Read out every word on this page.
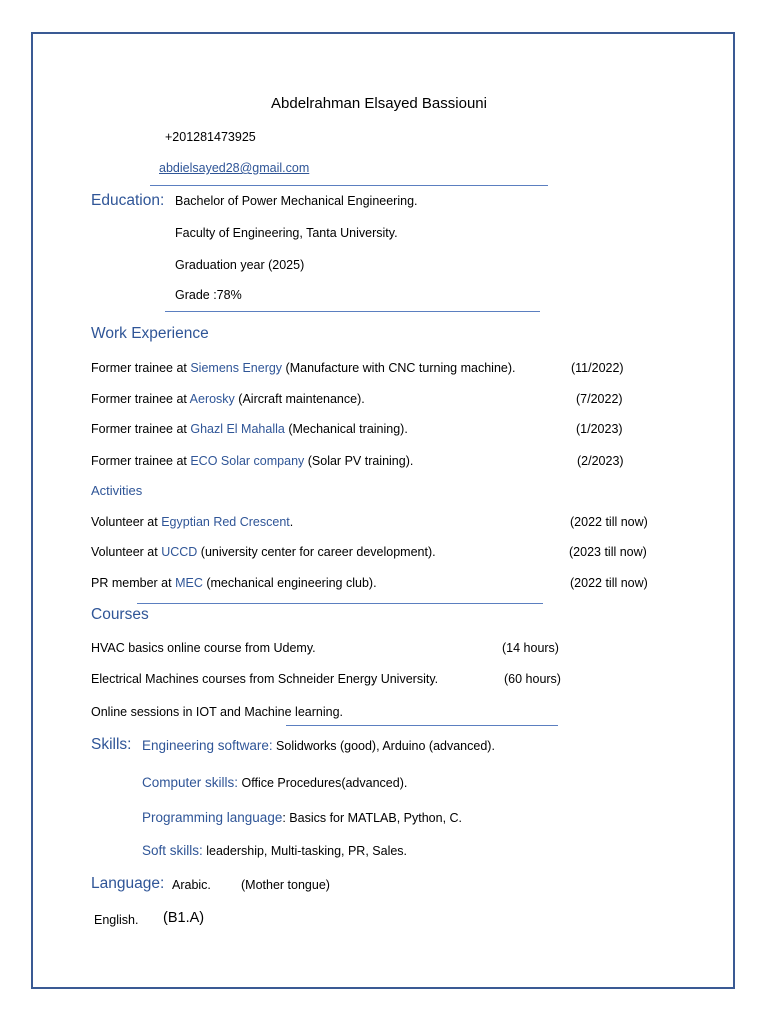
Abdelrahman Elsayed Bassiouni
+201281473925
abdielsayed28@gmail.com
Education: Bachelor of Power Mechanical Engineering.
Faculty of Engineering, Tanta University.
Graduation year (2025)
Grade :78%
Work Experience
Former trainee at Siemens Energy (Manufacture with CNC turning machine).	(11/2022)
Former trainee at Aerosky (Aircraft maintenance).	(7/2022)
Former trainee at Ghazl El Mahalla (Mechanical training).	(1/2023)
Former trainee at ECO Solar company (Solar PV training).	(2/2023)
Activities
Volunteer at Egyptian Red Crescent.	(2022 till now)
Volunteer at UCCD (university center for career development).	(2023 till now)
PR member at MEC (mechanical engineering club).	(2022 till now)
Courses
HVAC basics online course from Udemy.	(14 hours)
Electrical Machines courses from Schneider Energy University.	(60 hours)
Online sessions in IOT and Machine learning.
Skills: Engineering software: Solidworks (good), Arduino (advanced).
Computer skills: Office Procedures(advanced).
Programming language: Basics for MATLAB, Python, C.
Soft skills: leadership, Multi-tasking, PR, Sales.
Language: Arabic. (Mother tongue)
English. (B1.A)
